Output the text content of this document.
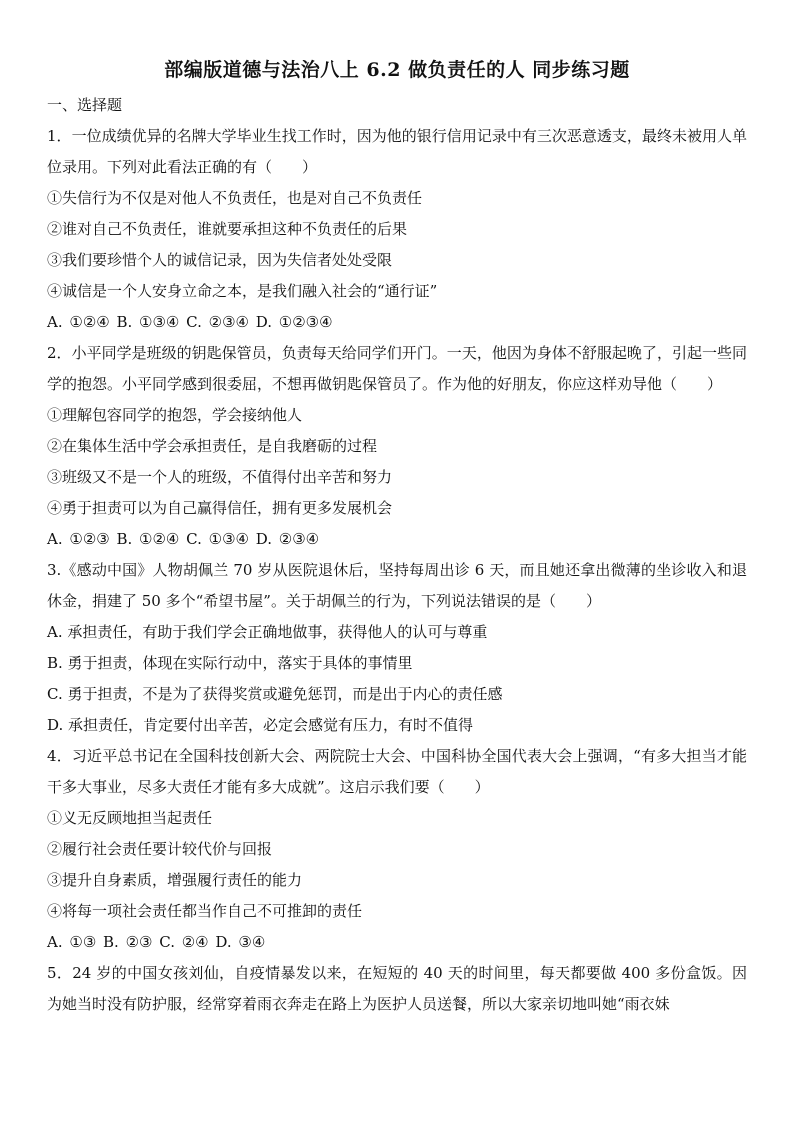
部编版道德与法治八上 6.2 做负责任的人 同步练习题

一、选择题

1．一位成绩优异的名牌大学毕业生找工作时，因为他的银行信用记录中有三次恶意透支，最终未被用人单位录用。下列对此看法正确的有（　　）

①失信行为不仅是对他人不负责任，也是对自己不负责任

②谁对自己不负责任，谁就要承担这种不负责任的后果

③我们要珍惜个人的诚信记录，因为失信者处处受限

④诚信是一个人安身立命之本，是我们融入社会的“通行证”

A. ①②④ B. ①③④ C. ②③④ D. ①②③④

2．小平同学是班级的钥匙保管员，负责每天给同学们开门。一天，他因为身体不舒服起晚了，引起一些同学的抱怨。小平同学感到很委屈，不想再做钥匙保管员了。作为他的好朋友，你应这样劝导他（　　）

①理解包容同学的抱怨，学会接纳他人

②在集体生活中学会承担责任，是自我磨砺的过程

③班级又不是一个人的班级，不值得付出辛苦和努力

④勇于担责可以为自己赢得信任，拥有更多发展机会

A. ①②③ B. ①②④ C. ①③④ D. ②③④

3.《感动中国》人物胡佩兰 70 岁从医院退休后，坚持每周出诊 6 天，而且她还拿出微薄的坐诊收入和退休金，捐建了 50 多个“希望书屋”。关于胡佩兰的行为，下列说法错误的是（　　）

A. 承担责任，有助于我们学会正确地做事，获得他人的认可与尊重

B. 勇于担责，体现在实际行动中，落实于具体的事情里

C. 勇于担责，不是为了获得奖赏或避免惩罚，而是出于内心的责任感

D. 承担责任，肯定要付出辛苦，必定会感觉有压力，有时不值得

4．习近平总书记在全国科技创新大会、两院院士大会、中国科协全国代表大会上强调，“有多大担当才能干多大事业，尽多大责任才能有多大成就”。这启示我们要（　　）

①义无反顾地担当起责任

②履行社会责任要计较代价与回报

③提升自身素质，增强履行责任的能力

④将每一项社会责任都当作自己不可推卸的责任

A. ①③ B. ②③ C. ②④ D. ③④

5．24 岁的中国女孩刘仙，自疫情暴发以来，在短短的 40 天的时间里，每天都要做 400 多份盒饭。因为她当时没有防护服，经常穿着雨衣奔走在路上为医护人员送餐，所以大家亲切地叫她“雨衣妹
